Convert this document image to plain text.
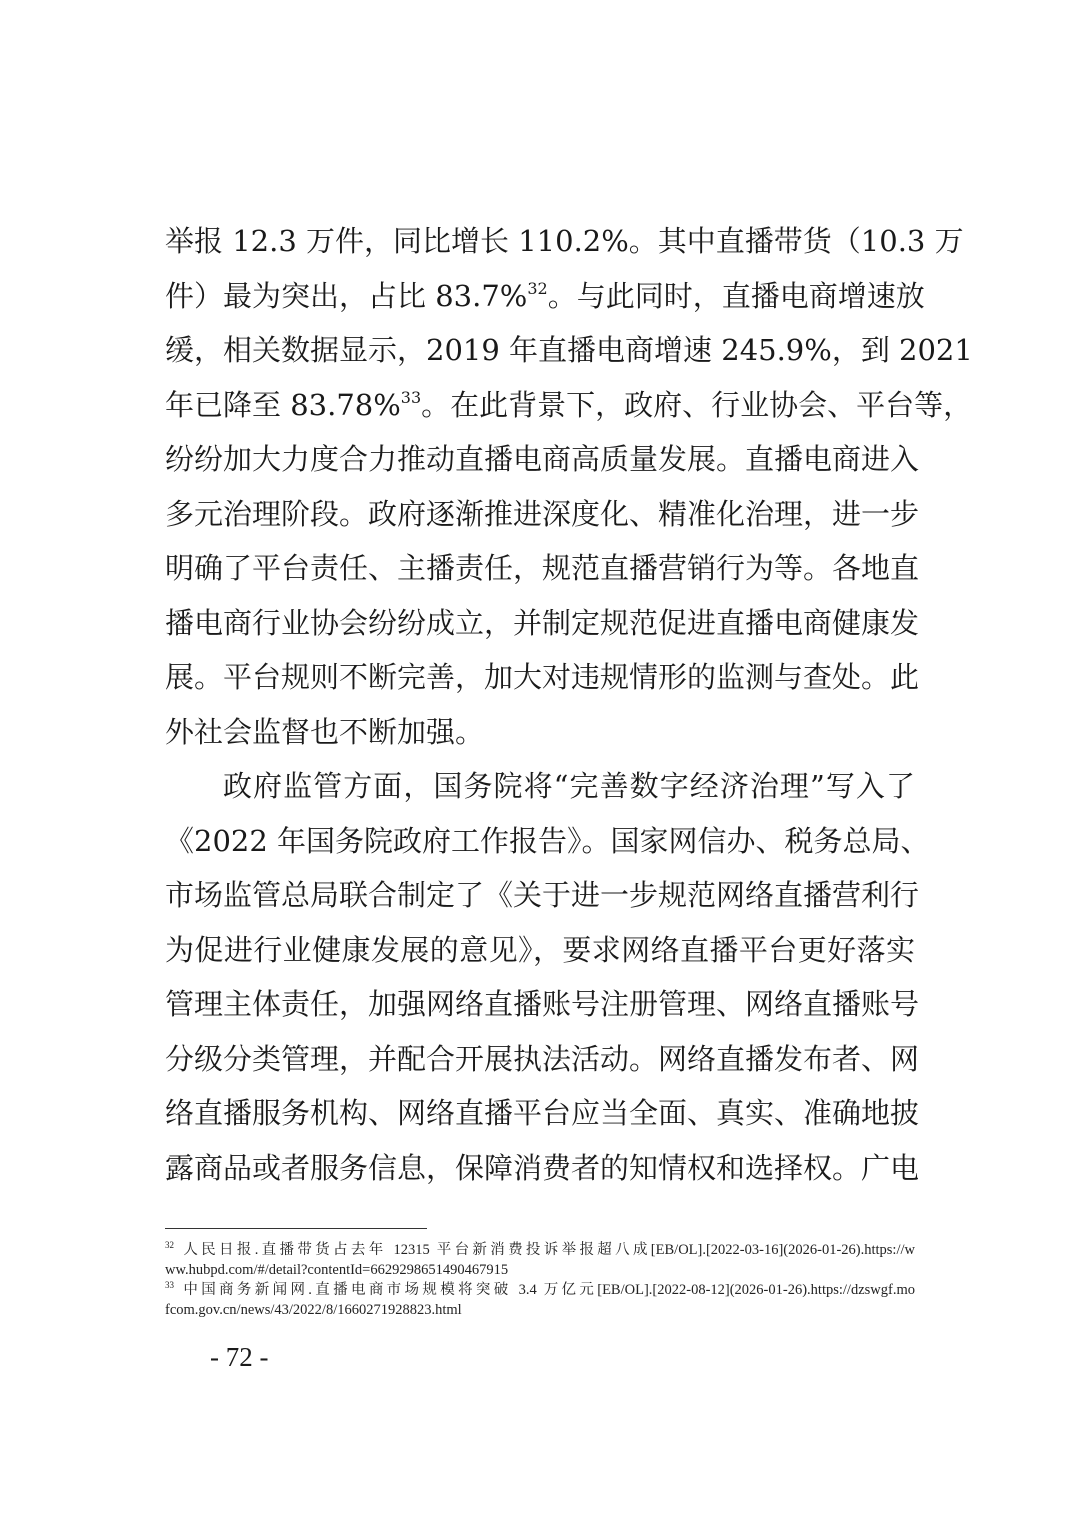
举报 12.3 万件，同比增长 110.2%。其中直播带货（10.3 万
件）最为突出，占比 83.7%$^{32}$。与此同时，直播电商增速放
缓，相关数据显示，2019 年直播电商增速 245.9%，到 2021
年已降至 83.78%$^{33}$。在此背景下，政府、行业协会、平台等，
纷纷加大力度合力推动直播电商高质量发展。直播电商进入
多元治理阶段。政府逐渐推进深度化、精准化治理，进一步
明确了平台责任、主播责任，规范直播营销行为等。各地直
播电商行业协会纷纷成立，并制定规范促进直播电商健康发
展。平台规则不断完善，加大对违规情形的监测与查处。此
外社会监督也不断加强。
政府监管方面，国务院将“完善数字经济治理”写入了
《2022 年国务院政府工作报告》。国家网信办、税务总局、
市场监管总局联合制定了《关于进一步规范网络直播营利行
为促进行业健康发展的意见》，要求网络直播平台更好落实
管理主体责任，加强网络直播账号注册管理、网络直播账号
分级分类管理，并配合开展执法活动。网络直播发布者、网
络直播服务机构、网络直播平台应当全面、真实、准确地披
露商品或者服务信息，保障消费者的知情权和选择权。广电
$^{32}$ 人民日报.直播带货占去年 12315 平台新消费投诉举报超八成[EB/OL].[2022-03-16](2026-01-26).https://w
ww.hubpd.com/#/detail?contentId=6629298651490467915
$^{33}$ 中国商务新闻网.直播电商市场规模将突破 3.4 万亿元[EB/OL].[2022-08-12](2026-01-26).https://dzswgf.mo
fcom.gov.cn/news/43/2022/8/1660271928823.html
- 72 -
